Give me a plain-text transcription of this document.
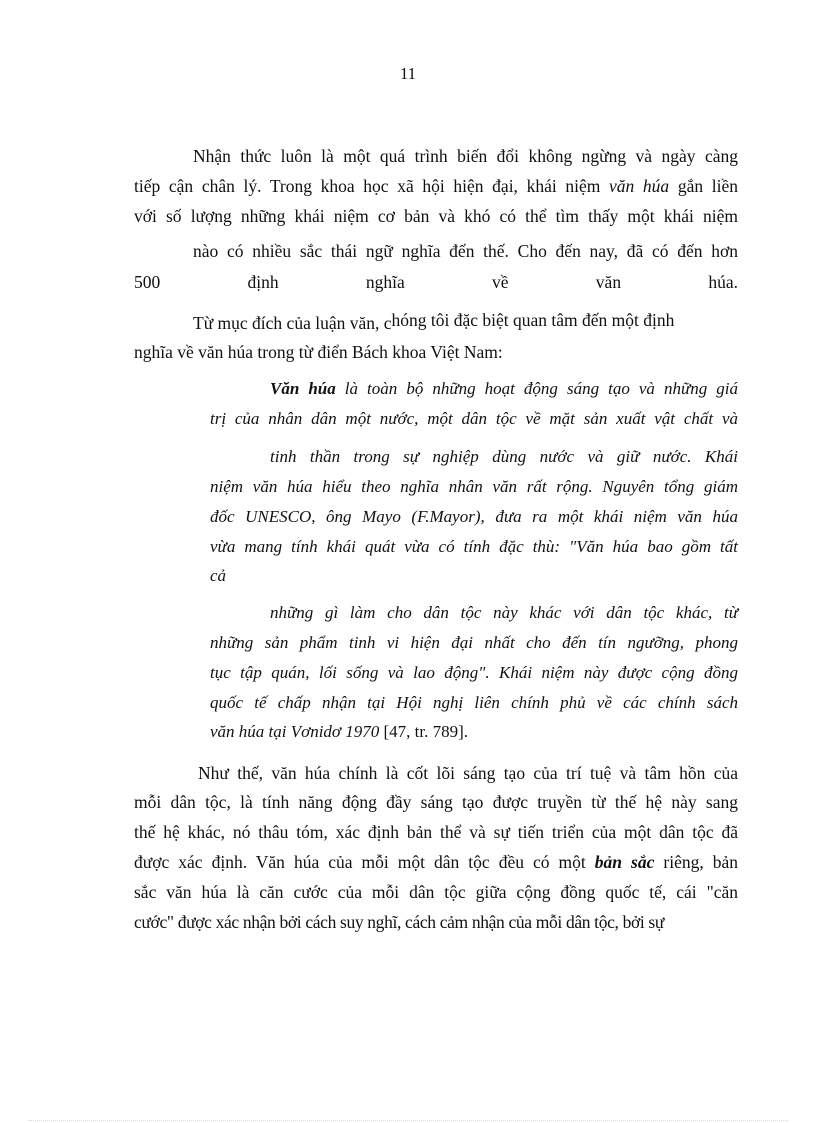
11
Nhận thức luôn là một quá trình biến đổi không ngừng và ngày càng
tiếp cận chân lý. Trong khoa học xã hội hiện đại, khái niệm văn húa gắn liền
với số lượng những khái niệm cơ bản và khó có thể tìm thấy một khái niệm
nào có nhiều sắc thái ngữ nghĩa đến thế. Cho đến nay, đã có đến hơn
500	định	nghĩa	về	văn	húa.
Từ mục đích của luận văn, chóng tôi đặc biệt quan tâm đến một định
nghĩa về văn húa trong từ điển Bách khoa Việt Nam:
Văn húa là toàn bộ những hoạt động sáng tạo và những giá
trị của nhân dân một nước, một dân tộc về mặt sản xuất vật chất và
tinh thần trong sự nghiệp dùng nước và giữ nước. Khái
niệm văn húa hiểu theo nghĩa nhân văn rất rộng. Nguyên tổng giám
đốc UNESCO, ông Mayo (F.Mayor), đưa ra một khái niệm văn húa
vừa mang tính khái quát vừa có tính đặc thù: "Văn húa bao gồm tất
cả
những gì làm cho dân tộc này khác với dân tộc khác, từ
những sản phẩm tinh vi hiện đại nhất cho đến tín ngưỡng, phong
tục tập quán, lối sống và lao động". Khái niệm này được cộng đồng
quốc tế chấp nhận tại Hội nghị liên chính phủ về các chính sách
văn húa tại Vơnidơ 1970 [47, tr. 789].
Như thế, văn húa chính là cốt lõi sáng tạo của trí tuệ và tâm hồn của
mỗi dân tộc, là tính năng động đầy sáng tạo được truyền từ thế hệ này sang
thế hệ khác, nó thâu tóm, xác định bản thể và sự tiến triển của một dân tộc đã
được xác định. Văn húa của mỗi một dân tộc đều có một bản sắc riêng, bản
sắc văn húa là căn cước của mỗi dân tộc giữa cộng đồng quốc tế, cái "căn
cước" được xác nhận bởi cách suy nghĩ, cách cảm nhận của mỗi dân tộc, bởi sự
